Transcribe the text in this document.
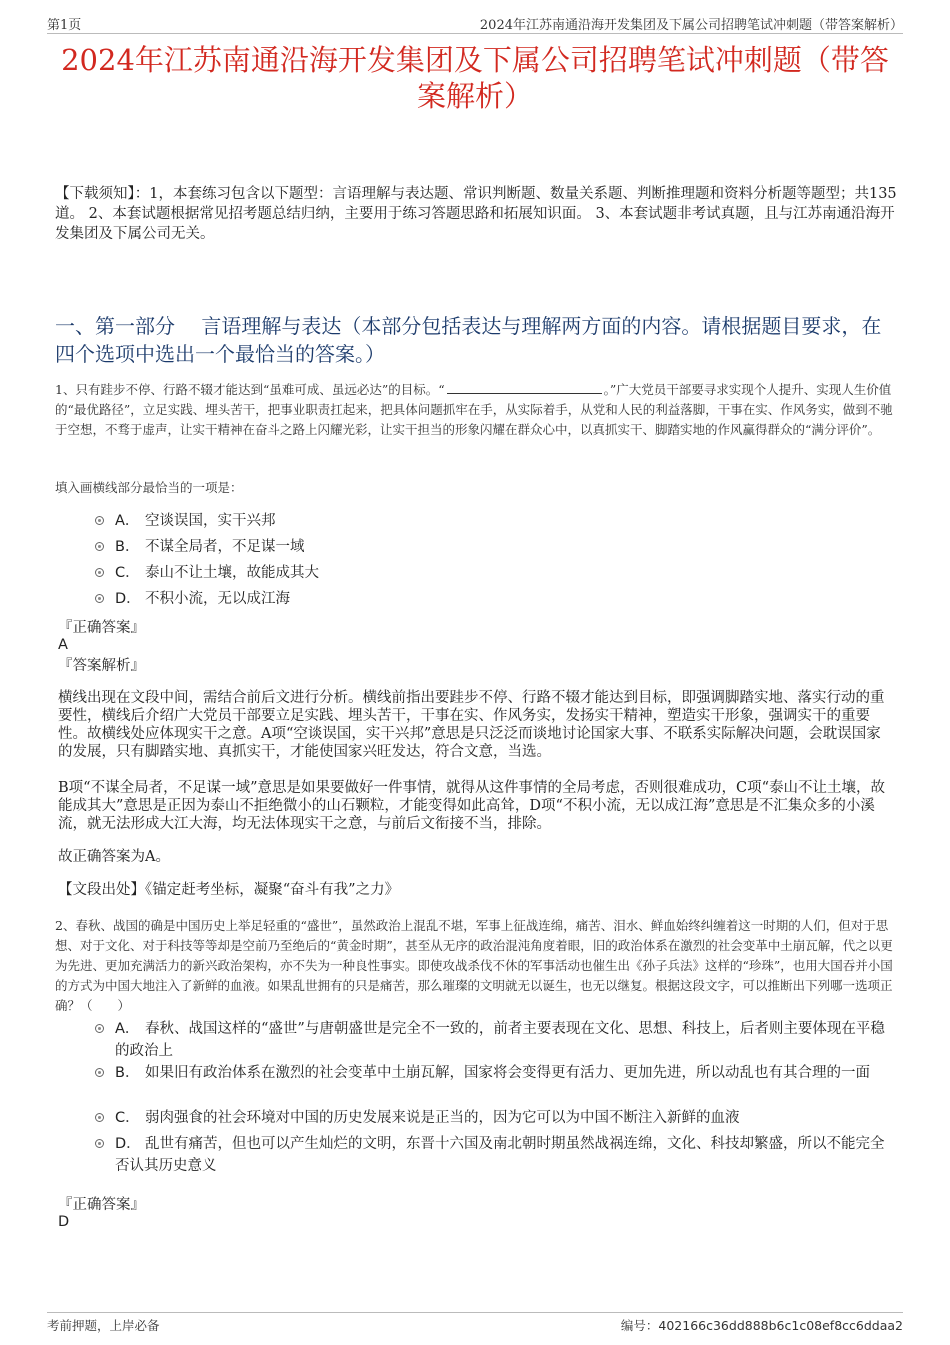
第1页	2024年江苏南通沿海开发集团及下属公司招聘笔试冲刺题（带答案解析）
2024年江苏南通沿海开发集团及下属公司招聘笔试冲刺题（带答案解析）
【下载须知】：1，本套练习包含以下题型：言语理解与表达题、常识判断题、数量关系题、判断推理题和资料分析题等题型；共135道。 2、本套试题根据常见招考题总结归纳，主要用于练习答题思路和拓展知识面。 3、本套试题非考试真题，且与江苏南通沿海开发集团及下属公司无关。
一、第一部分　 言语理解与表达（本部分包括表达与理解两方面的内容。请根据题目要求，在四个选项中选出一个最恰当的答案。）
1、只有跬步不停、行路不辍才能达到“虽难可成、虽远必达”的目标。“	。”广大党员干部要寻求实现个人提升、实现人生价值的“最优路径”，立足实践、埋头苦干，把事业职责扛起来，把具体问题抓牢在手，从实际着手，从党和人民的利益落脚，干事在实、作风务实，做到不驰于空想，不骛于虚声，让实干精神在奋斗之路上闪耀光彩，让实干担当的形象闪耀在群众心中，以真抓实干、脚踏实地的作风赢得群众的“满分评价”。
填入画横线部分最恰当的一项是：
A． 空谈误国，实干兴邦
B． 不谋全局者，不足谋一域
C． 泰山不让土壤，故能成其大
D． 不积小流，无以成江海
『正确答案』
A
『答案解析』
横线出现在文段中间，需结合前后文进行分析。横线前指出要跬步不停、行路不辍才能达到目标，即强调脚踏实地、落实行动的重要性，横线后介绍广大党员干部要立足实践、埋头苦干，干事在实、作风务实，发扬实干精神，塑造实干形象，强调实干的重要性。故横线处应体现实干之意。A项“空谈误国，实干兴邦”意思是只泛泛而谈地讨论国家大事、不联系实际解决问题，会耽误国家的发展，只有脚踏实地、真抓实干，才能使国家兴旺发达，符合文意，当选。
B项“不谋全局者，不足谋一域”意思是如果要做好一件事情，就得从这件事情的全局考虑，否则很难成功，C项“泰山不让土壤，故能成其大”意思是正因为泰山不拒绝微小的山石颗粒，才能变得如此高耸，D项“不积小流，无以成江海”意思是不汇集众多的小溪流，就无法形成大江大海，均无法体现实干之意，与前后文衔接不当，排除。
故正确答案为A。
【文段出处】《锚定赶考坐标，凝聚“奋斗有我”之力》
2、春秋、战国的确是中国历史上举足轻重的“盛世”，虽然政治上混乱不堪，军事上征战连绵，痛苦、泪水、鲜血始终纠缠着这一时期的人们，但对于思想、对于文化、对于科技等等却是空前乃至绝后的“黄金时期”，甚至从无序的政治混沌角度着眼，旧的政治体系在激烈的社会变革中土崩瓦解，代之以更为先进、更加充满活力的新兴政治架构，亦不失为一种良性事实。即使攻战杀伐不休的军事活动也催生出《孙子兵法》这样的“珍珠”，也用大国吞并小国的方式为中国大地注入了新鲜的血液。如果乱世拥有的只是痛苦，那么璀璨的文明就无以诞生，也无以继复。根据这段文字，可以推断出下列哪一选项正确？（　　）
A． 春秋、战国这样的“盛世”与唐朝盛世是完全不一致的，前者主要表现在文化、思想、科技上，后者则主要体现在平稳的政治上
B． 如果旧有政治体系在激烈的社会变革中土崩瓦解，国家将会变得更有活力、更加先进，所以动乱也有其合理的一面
C． 弱肉强食的社会环境对中国的历史发展来说是正当的，因为它可以为中国不断注入新鲜的血液
D． 乱世有痛苦，但也可以产生灿烂的文明，东晋十六国及南北朝时期虽然战祸连绵，文化、科技却繁盛，所以不能完全否认其历史意义
『正确答案』
D
考前押题，上岸必备	编号：402166c36dd888b6c1c08ef8cc6ddaa2
